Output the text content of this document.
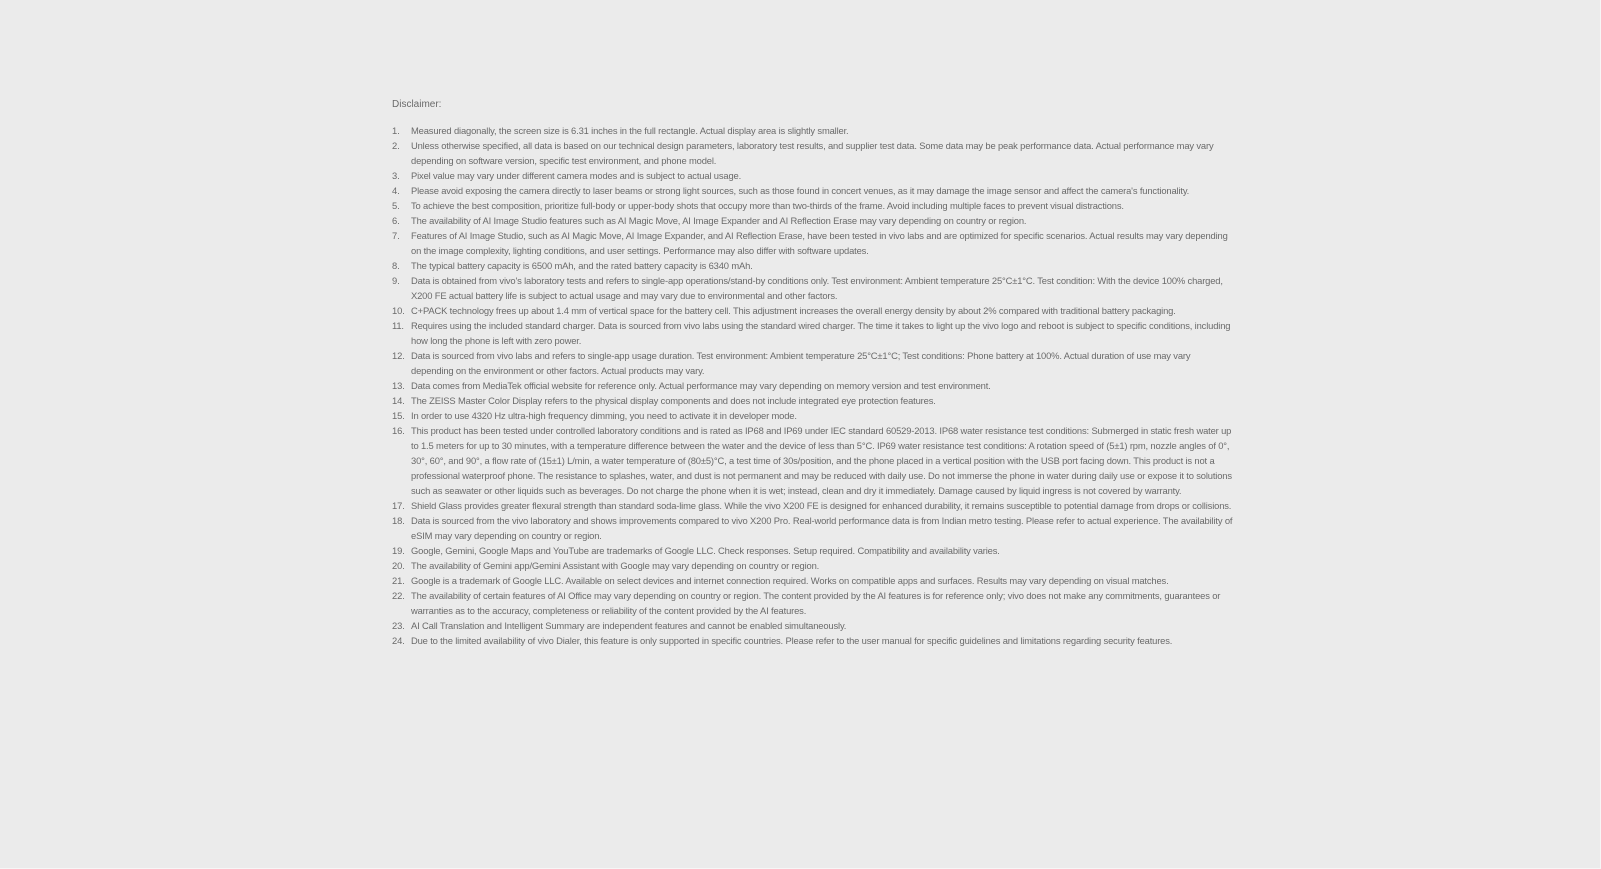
Disclaimer:
1.	Measured diagonally, the screen size is 6.31 inches in the full rectangle. Actual display area is slightly smaller.
2.	Unless otherwise specified, all data is based on our technical design parameters, laboratory test results, and supplier test data. Some data may be peak performance data. Actual performance may vary depending on software version, specific test environment, and phone model.
3.	Pixel value may vary under different camera modes and is subject to actual usage.
4.	Please avoid exposing the camera directly to laser beams or strong light sources, such as those found in concert venues, as it may damage the image sensor and affect the camera's functionality.
5.	To achieve the best composition, prioritize full-body or upper-body shots that occupy more than two-thirds of the frame. Avoid including multiple faces to prevent visual distractions.
6.	The availability of AI Image Studio features such as AI Magic Move, AI Image Expander and AI Reflection Erase may vary depending on country or region.
7.	Features of AI Image Studio, such as AI Magic Move, AI Image Expander, and AI Reflection Erase, have been tested in vivo labs and are optimized for specific scenarios. Actual results may vary depending on the image complexity, lighting conditions, and user settings. Performance may also differ with software updates.
8.	The typical battery capacity is 6500 mAh, and the rated battery capacity is 6340 mAh.
9.	Data is obtained from vivo's laboratory tests and refers to single-app operations/stand-by conditions only. Test environment: Ambient temperature 25°C±1°C. Test condition: With the device 100% charged, X200 FE actual battery life is subject to actual usage and may vary due to environmental and other factors.
10. C+PACK technology frees up about 1.4 mm of vertical space for the battery cell. This adjustment increases the overall energy density by about 2% compared with traditional battery packaging.
11. Requires using the included standard charger. Data is sourced from vivo labs using the standard wired charger. The time it takes to light up the vivo logo and reboot is subject to specific conditions, including how long the phone is left with zero power.
12. Data is sourced from vivo labs and refers to single-app usage duration. Test environment: Ambient temperature 25°C±1°C; Test conditions: Phone battery at 100%. Actual duration of use may vary depending on the environment or other factors. Actual products may vary.
13. Data comes from MediaTek official website for reference only. Actual performance may vary depending on memory version and test environment.
14. The ZEISS Master Color Display refers to the physical display components and does not include integrated eye protection features.
15. In order to use 4320 Hz ultra-high frequency dimming, you need to activate it in developer mode.
16. This product has been tested under controlled laboratory conditions and is rated as IP68 and IP69 under IEC standard 60529-2013. IP68 water resistance test conditions: Submerged in static fresh water up to 1.5 meters for up to 30 minutes, with a temperature difference between the water and the device of less than 5°C. IP69 water resistance test conditions: A rotation speed of (5±1) rpm, nozzle angles of 0°, 30°, 60°, and 90°, a flow rate of (15±1) L/min, a water temperature of (80±5)°C, a test time of 30s/position, and the phone placed in a vertical position with the USB port facing down. This product is not a professional waterproof phone. The resistance to splashes, water, and dust is not permanent and may be reduced with daily use. Do not immerse the phone in water during daily use or expose it to solutions such as seawater or other liquids such as beverages. Do not charge the phone when it is wet; instead, clean and dry it immediately. Damage caused by liquid ingress is not covered by warranty.
17. Shield Glass provides greater flexural strength than standard soda-lime glass. While the vivo X200 FE is designed for enhanced durability, it remains susceptible to potential damage from drops or collisions.
18. Data is sourced from the vivo laboratory and shows improvements compared to vivo X200 Pro. Real-world performance data is from Indian metro testing. Please refer to actual experience. The availability of eSIM may vary depending on country or region.
19. Google, Gemini, Google Maps and YouTube are trademarks of Google LLC. Check responses. Setup required. Compatibility and availability varies.
20. The availability of Gemini app/Gemini Assistant with Google may vary depending on country or region.
21. Google is a trademark of Google LLC. Available on select devices and internet connection required. Works on compatible apps and surfaces. Results may vary depending on visual matches.
22. The availability of certain features of AI Office may vary depending on country or region. The content provided by the AI features is for reference only; vivo does not make any commitments, guarantees or warranties as to the accuracy, completeness or reliability of the content provided by the AI features.
23. AI Call Translation and Intelligent Summary are independent features and cannot be enabled simultaneously.
24. Due to the limited availability of vivo Dialer, this feature is only supported in specific countries. Please refer to the user manual for specific guidelines and limitations regarding security features.
